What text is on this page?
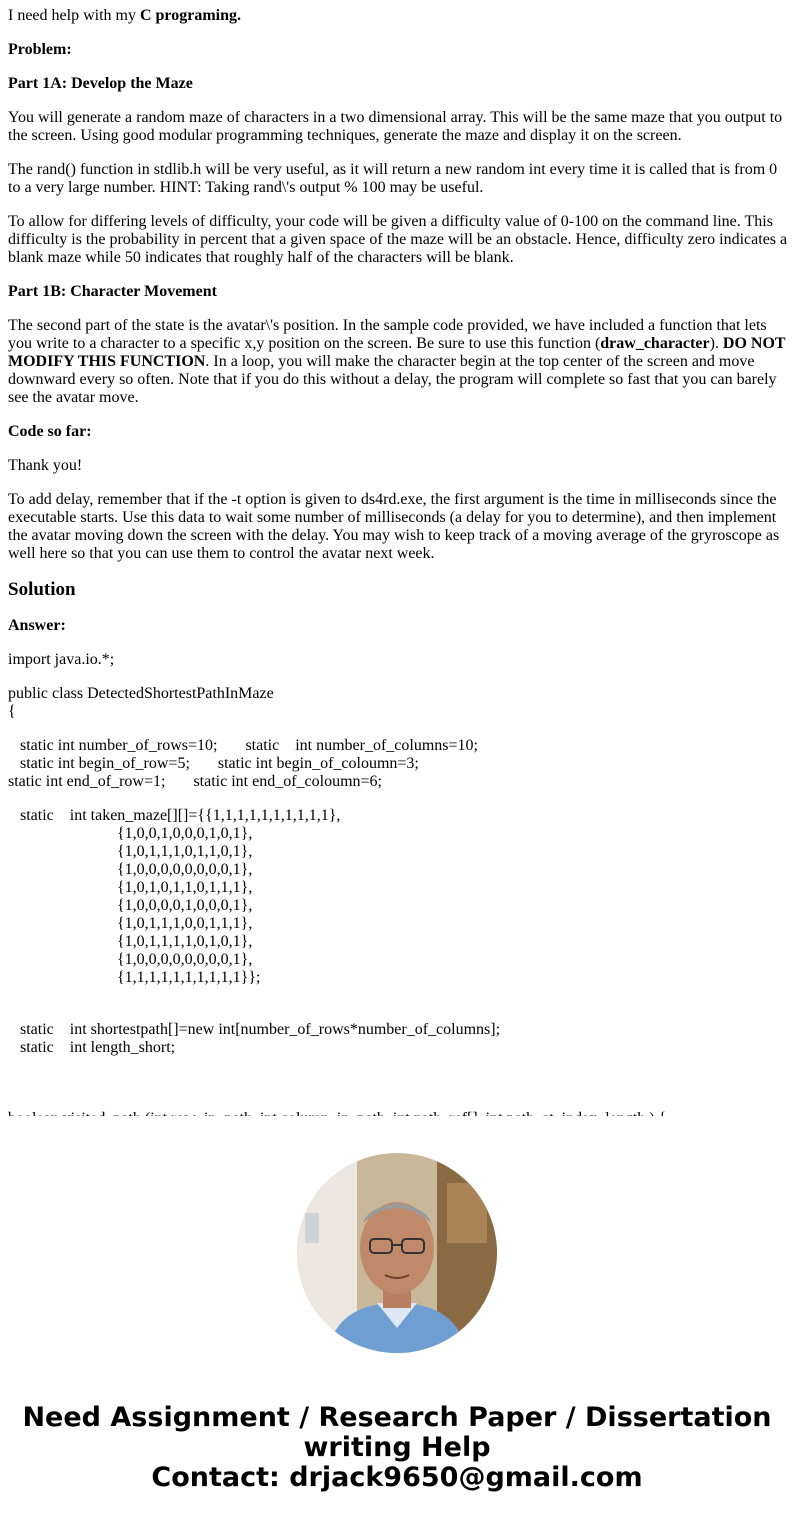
I need help with my C programing.

Problem:

Part 1A: Develop the Maze

You will generate a random maze of characters in a two dimensional array. This will be the same maze that you output to the screen. Using good modular programming techniques, generate the maze and display it on the screen.

The rand() function in stdlib.h will be very useful, as it will return a new random int every time it is called that is from 0 to a very large number. HINT: Taking rand\'s output % 100 may be useful.

To allow for differing levels of difficulty, your code will be given a difficulty value of 0-100 on the command line. This difficulty is the probability in percent that a given space of the maze will be an obstacle. Hence, difficulty zero indicates a blank maze while 50 indicates that roughly half of the characters will be blank.

Part 1B: Character Movement

The second part of the state is the avatar\'s position. In the sample code provided, we have included a function that lets you write to a character to a specific x,y position on the screen. Be sure to use this function (draw_character). DO NOT MODIFY THIS FUNCTION. In a loop, you will make the character begin at the top center of the screen and move downward every so often. Note that if you do this without a delay, the program will complete so fast that you can barely see the avatar move.

Code so far:

Thank you!

To add delay, remember that if the -t option is given to ds4rd.exe, the first argument is the time in milliseconds since the executable starts. Use this data to wait some number of milliseconds (a delay for you to determine), and then implement the avatar moving down the screen with the delay. You may wish to keep track of a moving average of the gryroscope as well here so that you can use them to control the avatar next week.

Solution

Answer:

import java.io.*;

public class DetectedShortestPathInMaze

{

static int number_of_rows=10;       static    int number_of_columns=10;
static int begin_of_row=5;       static int begin_of_coloumn=3;

static int end_of_row=1;       static int end_of_coloumn=6;

static    int taken_maze[][]={{1,1,1,1,1,1,1,1,1,1},
{1,0,0,1,0,0,0,1,0,1},
{1,0,1,1,1,0,1,1,0,1},
{1,0,0,0,0,0,0,0,0,1},
{1,0,1,0,1,1,0,1,1,1},
{1,0,0,0,0,1,0,0,0,1},
{1,0,1,1,1,0,0,1,1,1},
{1,0,1,1,1,1,0,1,0,1},
{1,0,0,0,0,0,0,0,0,1},
{1,1,1,1,1,1,1,1,1,1}};

static    int shortestpath[]=new int[number_of_rows*number_of_columns];
static    int length_short;
Need Assignment / Research Paper / Dissertation
writing Help
Contact: drjack9650@gmail.com
